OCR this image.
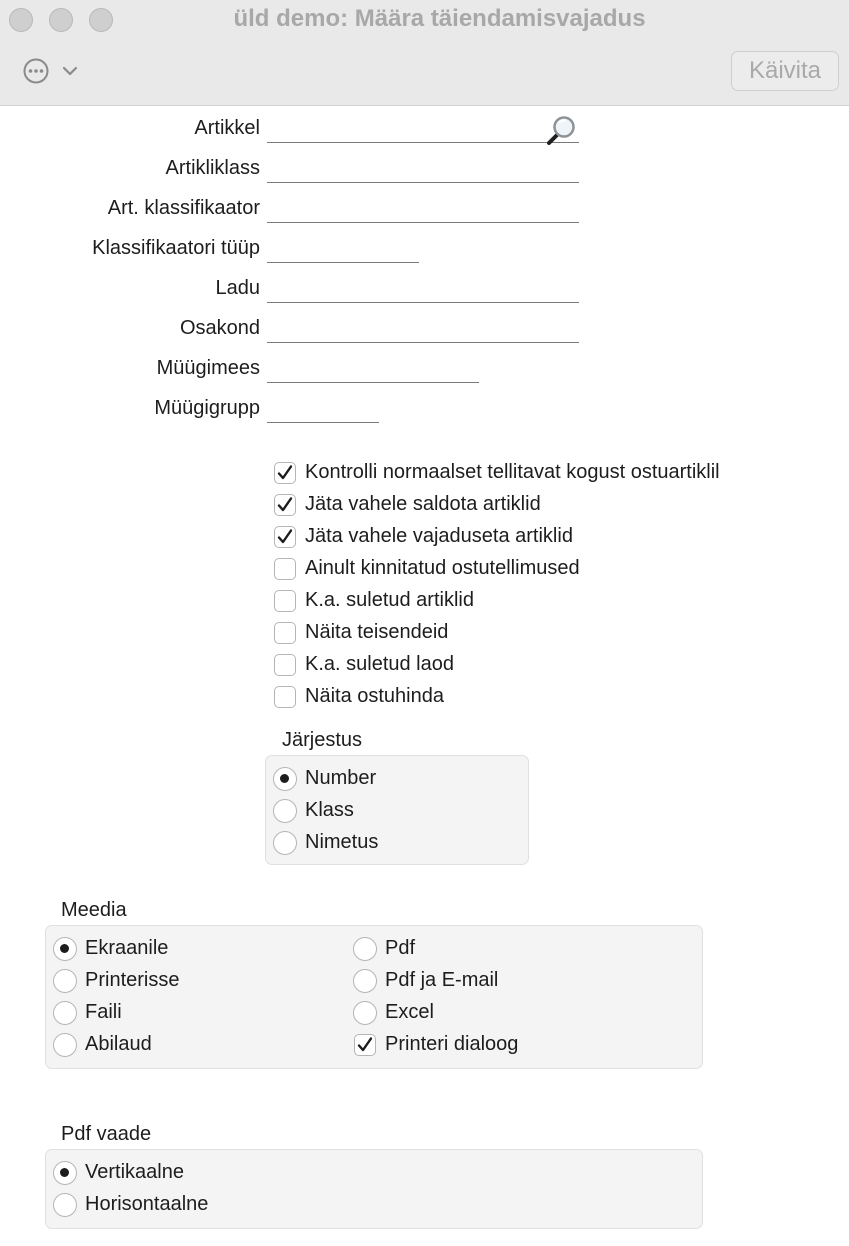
üld demo: Määra täiendamisvajadus
Käivita
Artikkel
Artikliklass
Art. klassifikaator
Klassifikaatori tüüp
Ladu
Osakond
Müügimees
Müügigrupp
Kontrolli normaalset tellitavat kogust ostuartiklil
Jäta vahele saldota artiklid
Jäta vahele vajaduseta artiklid
Ainult kinnitatud ostutellimused
K.a. suletud artiklid
Näita teisendeid
K.a. suletud laod
Näita ostuhinda
Järjestus
Number
Klass
Nimetus
Meedia
Ekraanile
Printerisse
Faili
Abilaud
Pdf
Pdf ja E-mail
Excel
Printeri dialoog
Pdf vaade
Vertikaalne
Horisontaalne
